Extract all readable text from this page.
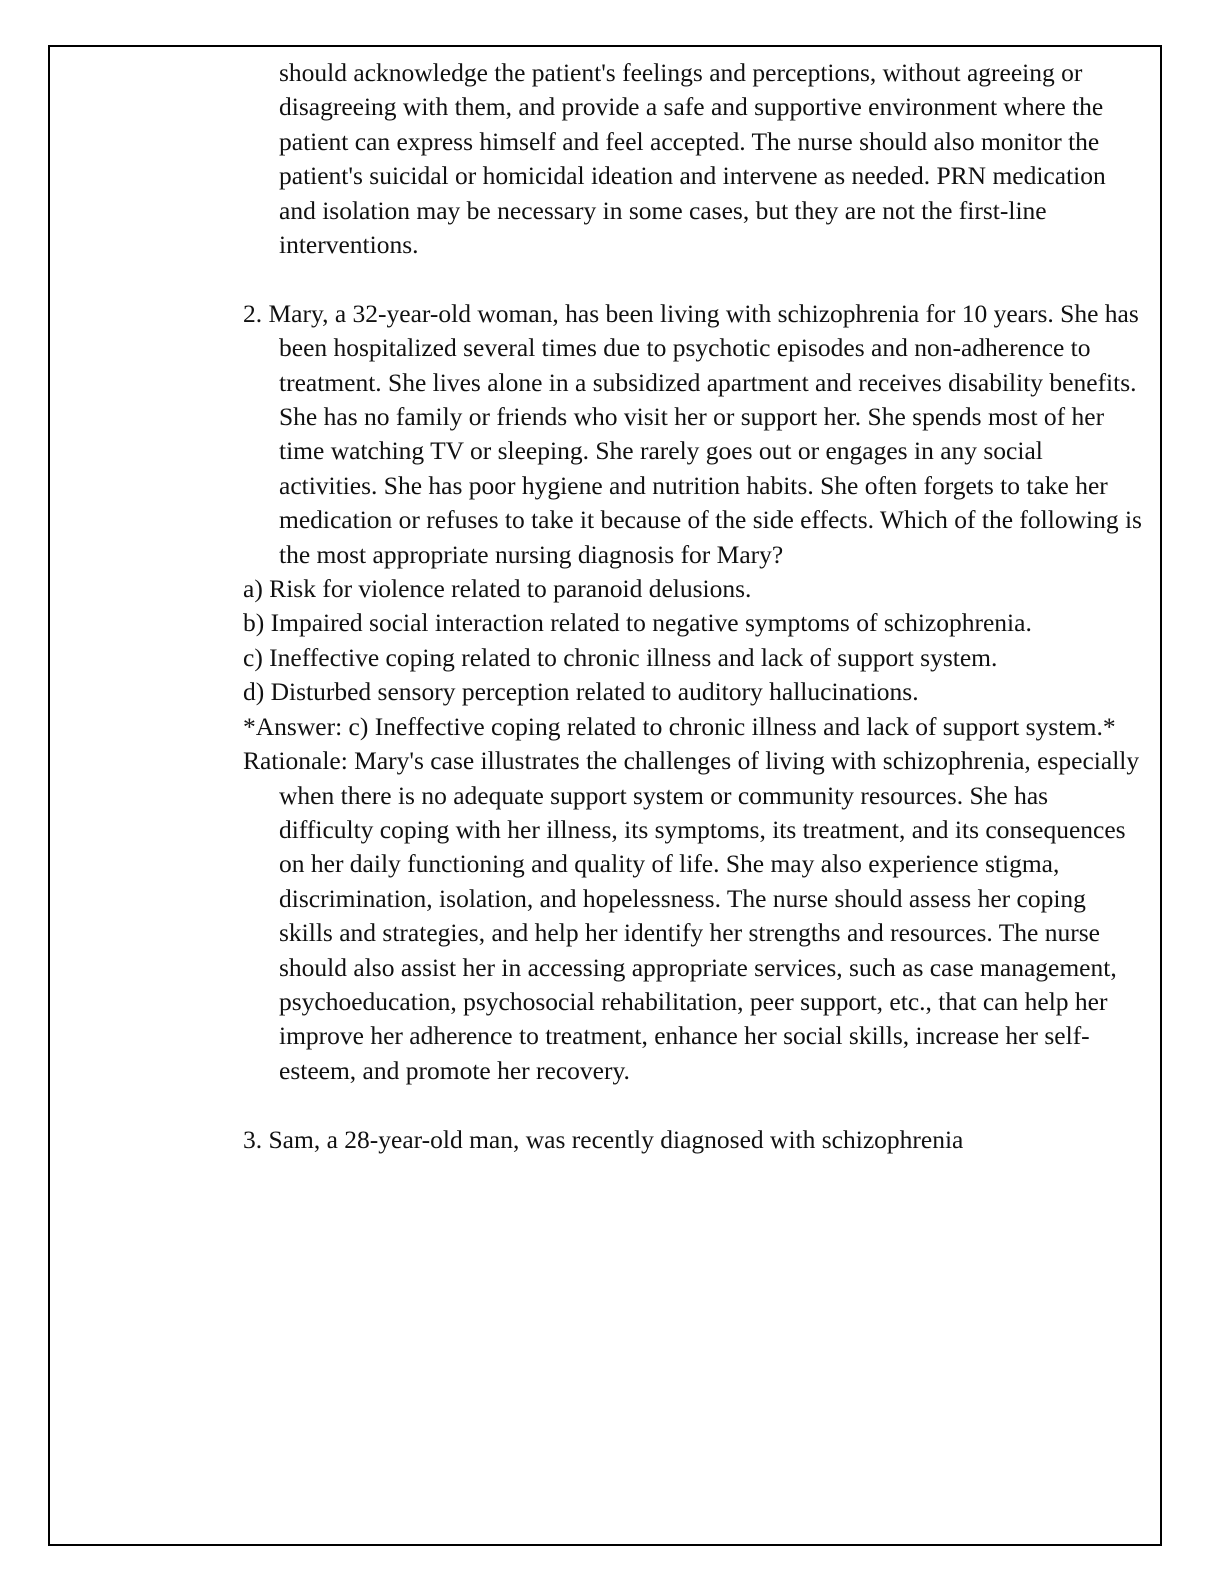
should acknowledge the patient's feelings and perceptions, without agreeing or disagreeing with them, and provide a safe and supportive environment where the patient can express himself and feel accepted. The nurse should also monitor the patient's suicidal or homicidal ideation and intervene as needed. PRN medication and isolation may be necessary in some cases, but they are not the first-line interventions.

2. Mary, a 32-year-old woman, has been living with schizophrenia for 10 years. She has been hospitalized several times due to psychotic episodes and non-adherence to treatment. She lives alone in a subsidized apartment and receives disability benefits. She has no family or friends who visit her or support her. She spends most of her time watching TV or sleeping. She rarely goes out or engages in any social activities. She has poor hygiene and nutrition habits. She often forgets to take her medication or refuses to take it because of the side effects. Which of the following is the most appropriate nursing diagnosis for Mary?

a) Risk for violence related to paranoid delusions.

b) Impaired social interaction related to negative symptoms of schizophrenia.

c) Ineffective coping related to chronic illness and lack of support system.

d) Disturbed sensory perception related to auditory hallucinations.

*Answer: c) Ineffective coping related to chronic illness and lack of support system.*

Rationale: Mary's case illustrates the challenges of living with schizophrenia, especially when there is no adequate support system or community resources. She has difficulty coping with her illness, its symptoms, its treatment, and its consequences on her daily functioning and quality of life. She may also experience stigma, discrimination, isolation, and hopelessness. The nurse should assess her coping skills and strategies, and help her identify her strengths and resources. The nurse should also assist her in accessing appropriate services, such as case management, psychoeducation, psychosocial rehabilitation, peer support, etc., that can help her improve her adherence to treatment, enhance her social skills, increase her self-esteem, and promote her recovery.

3. Sam, a 28-year-old man, was recently diagnosed with schizophrenia
